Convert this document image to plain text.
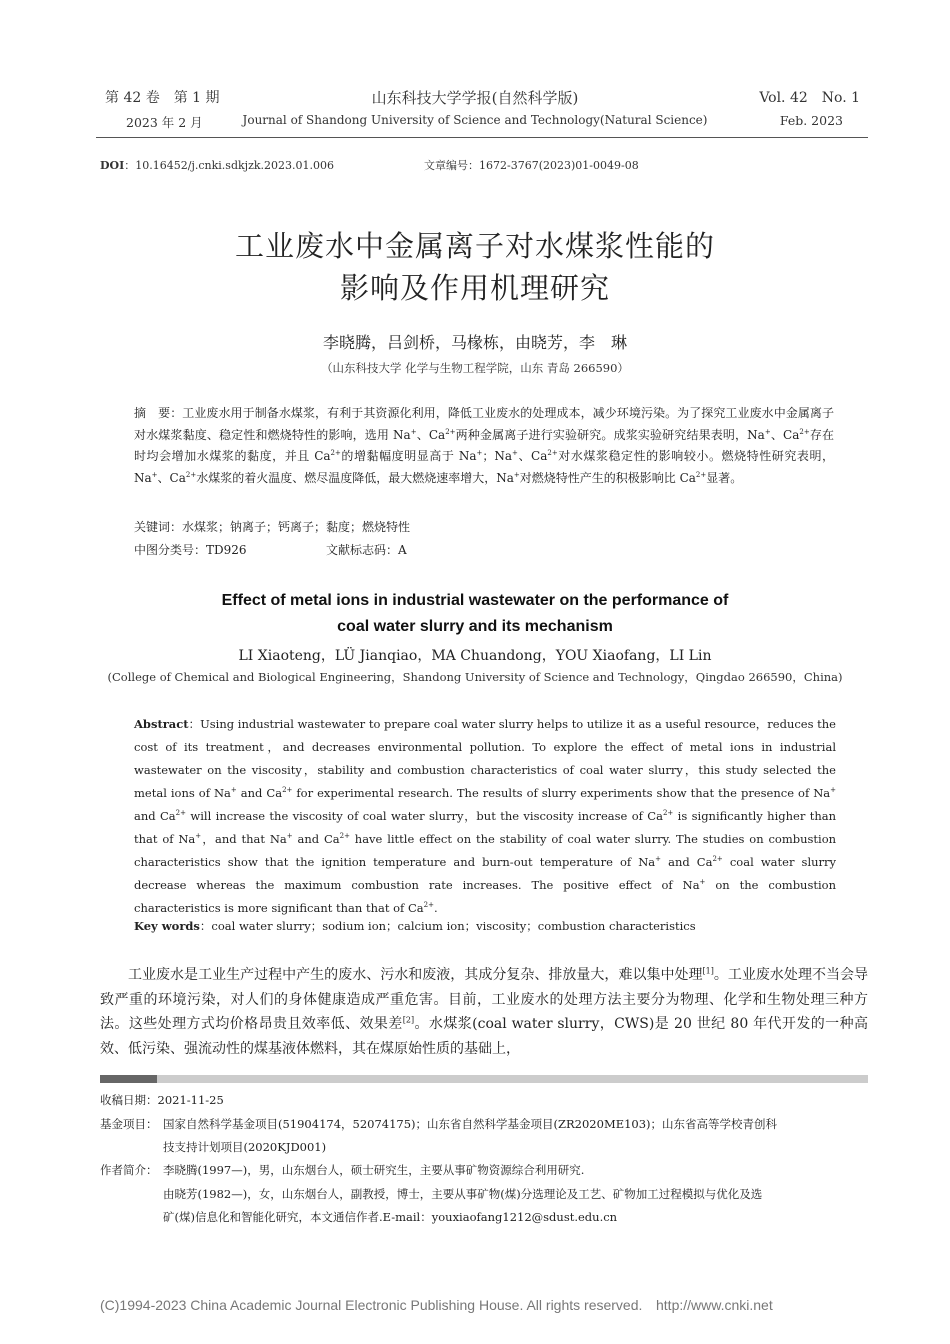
第 42 卷　第 1 期	山东科技大学学报(自然科学版)	Vol. 42　No. 1
2023 年 2 月	Journal of Shandong University of Science and Technology(Natural Science)	Feb. 2023
DOI：10.16452/j.cnki.sdkjzk.2023.01.006	文章编号：1672-3767(2023)01-0049-08
工业废水中金属离子对水煤浆性能的
影响及作用机理研究
李晓腾，吕剑桥，马椽栋，由晓芳，李　琳
（山东科技大学 化学与生物工程学院，山东 青岛 266590）
摘　要：工业废水用于制备水煤浆，有利于其资源化利用，降低工业废水的处理成本，减少环境污染。为了探究工业废水中金属离子对水煤浆黏度、稳定性和燃烧特性的影响，选用 Na+、$Ca^{2+}$两种金属离子进行实验研究。成浆实验研究结果表明，Na+、$Ca^{2+}$存在时均会增加水煤浆的黏度，并且 $Ca^{2+}$的增黏幅度明显高于 Na+；Na+、$Ca^{2+}$对水煤浆稳定性的影响较小。燃烧特性研究表明，Na+、$Ca^{2+}$水煤浆的着火温度、燃尽温度降低，最大燃烧速率增大，Na+对燃烧特性产生的积极影响比 $Ca^{2+}$显著。
关键词：水煤浆；钠离子；钙离子；黏度；燃烧特性
中图分类号：TD926	文献标志码：A
Effect of metal ions in industrial wastewater on the performance of
coal water slurry and its mechanism
LI Xiaoteng，LÜ Jianqiao，MA Chuandong，YOU Xiaofang，LI Lin
(College of Chemical and Biological Engineering，Shandong University of Science and Technology，Qingdao 266590，China)
Abstract：Using industrial wastewater to prepare coal water slurry helps to utilize it as a useful resource，reduces the cost of its treatment，and decreases environmental pollution. To explore the effect of metal ions in industrial wastewater on the viscosity，stability and combustion characteristics of coal water slurry，this study selected the metal ions of Na+ and $Ca^{2+}$ for experimental research. The results of slurry experiments show that the presence of Na+ and $Ca^{2+}$ will increase the viscosity of coal water slurry，but the viscosity increase of $Ca^{2+}$ is significantly higher than that of Na+，and that Na+ and $Ca^{2+}$ have little effect on the stability of coal water slurry. The studies on combustion characteristics show that the ignition temperature and burn-out temperature of Na+ and $Ca^{2+}$ coal water slurry decrease whereas the maximum combustion rate increases. The positive effect of Na+ on the combustion characteristics is more significant than that of $Ca^{2+}$.
Key words：coal water slurry；sodium ion；calcium ion；viscosity；combustion characteristics
工业废水是工业生产过程中产生的废水、污水和废液，其成分复杂、排放量大，难以集中处理[1]。工业废水处理不当会导致严重的环境污染，对人们的身体健康造成严重危害。目前，工业废水的处理方法主要分为物理、化学和生物处理三种方法。这些处理方式均价格昂贵且效率低、效果差[2]。水煤浆(coal water slurry，CWS)是 20 世纪 80 年代开发的一种高效、低污染、强流动性的煤基液体燃料，其在煤原始性质的基础上，
收稿日期：2021-11-25
基金项目： 国家自然科学基金项目(51904174，52074175)；山东省自然科学基金项目(ZR2020ME103)；山东省高等学校青创科
技支持计划项目(2020KJD001)
作者简介： 李晓腾(1997—)，男，山东烟台人，硕士研究生，主要从事矿物资源综合利用研究.
由晓芳(1982—)，女，山东烟台人，副教授，博士，主要从事矿物(煤)分选理论及工艺、矿物加工过程模拟与优化及选
矿(煤)信息化和智能化研究，本文通信作者.E-mail：youxiaofang1212@sdust.edu.cn
(C)1994-2023 China Academic Journal Electronic Publishing House. All rights reserved. http://www.cnki.net
